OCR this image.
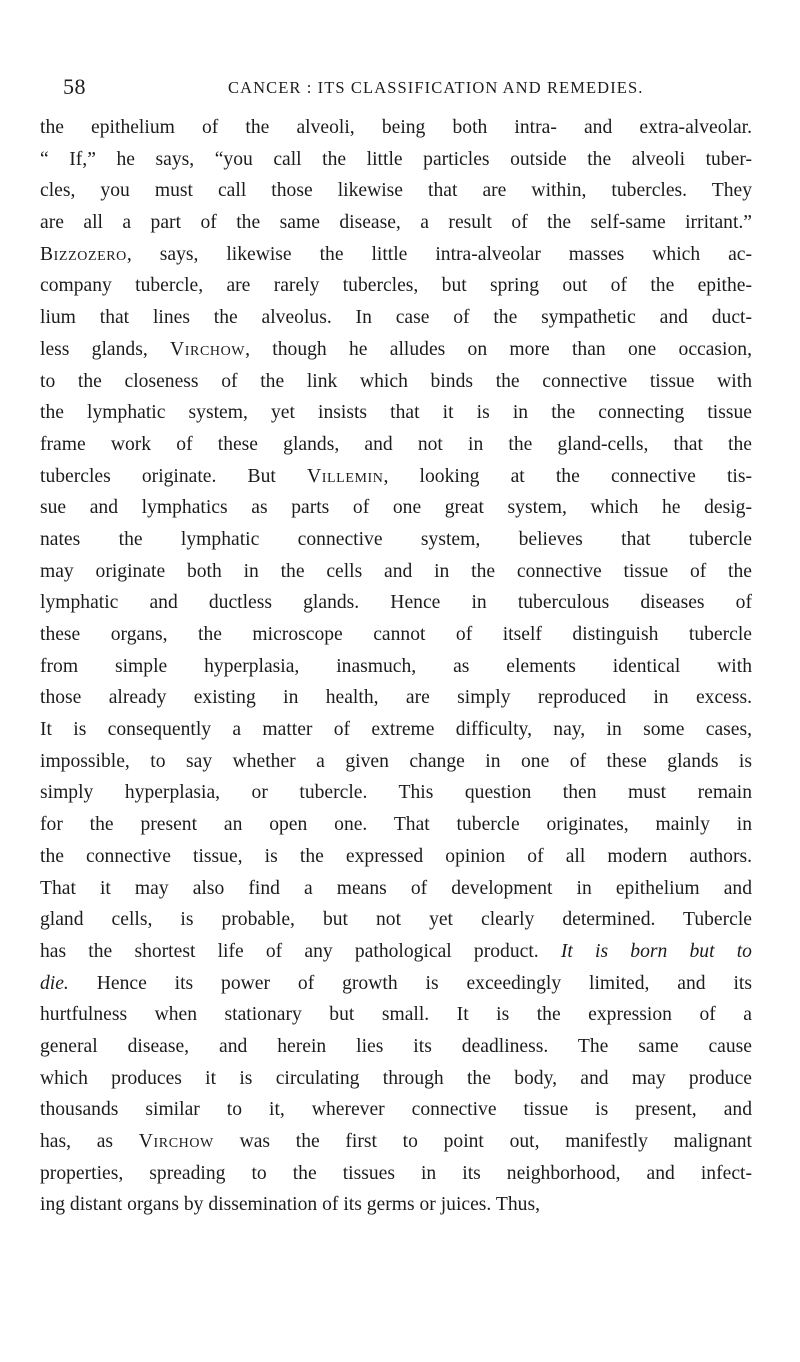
58	CANCER : ITS CLASSIFICATION AND REMEDIES.
the epithelium of the alveoli, being both intra- and extra-alveolar.
“ If,” he says, “you call the little particles outside the alveoli tuber-
cles, you must call those likewise that are within, tubercles. They
are all a part of the same disease, a result of the self-same irritant.”
Bizzozero, says, likewise the little intra-alveolar masses which ac-
company tubercle, are rarely tubercles, but spring out of the epithe-
lium that lines the alveolus. In case of the sympathetic and duct-
less glands, Virchow, though he alludes on more than one occasion,
to the closeness of the link which binds the connective tissue with
the lymphatic system, yet insists that it is in the connecting tissue
frame work of these glands, and not in the gland-cells, that the
tubercles originate. But Villemin, looking at the connective tis-
sue and lymphatics as parts of one great system, which he desig-
nates the lymphatic connective system, believes that tubercle
may originate both in the cells and in the connective tissue of the
lymphatic and ductless glands. Hence in tuberculous diseases of
these organs, the microscope cannot of itself distinguish tubercle
from simple hyperplasia, inasmuch, as elements identical with
those already existing in health, are simply reproduced in excess.
It is consequently a matter of extreme difficulty, nay, in some cases,
impossible, to say whether a given change in one of these glands is
simply hyperplasia, or tubercle. This question then must remain
for the present an open one. That tubercle originates, mainly in
the connective tissue, is the expressed opinion of all modern authors.
That it may also find a means of development in epithelium and
gland cells, is probable, but not yet clearly determined. Tubercle
has the shortest life of any pathological product. It is born but to
die. Hence its power of growth is exceedingly limited, and its
hurtfulness when stationary but small. It is the expression of a
general disease, and herein lies its deadliness. The same cause
which produces it is circulating through the body, and may produce
thousands similar to it, wherever connective tissue is present, and
has, as Virchow was the first to point out, manifestly malignant
properties, spreading to the tissues in its neighborhood, and infect-
ing distant organs by dissemination of its germs or juices. Thus,
